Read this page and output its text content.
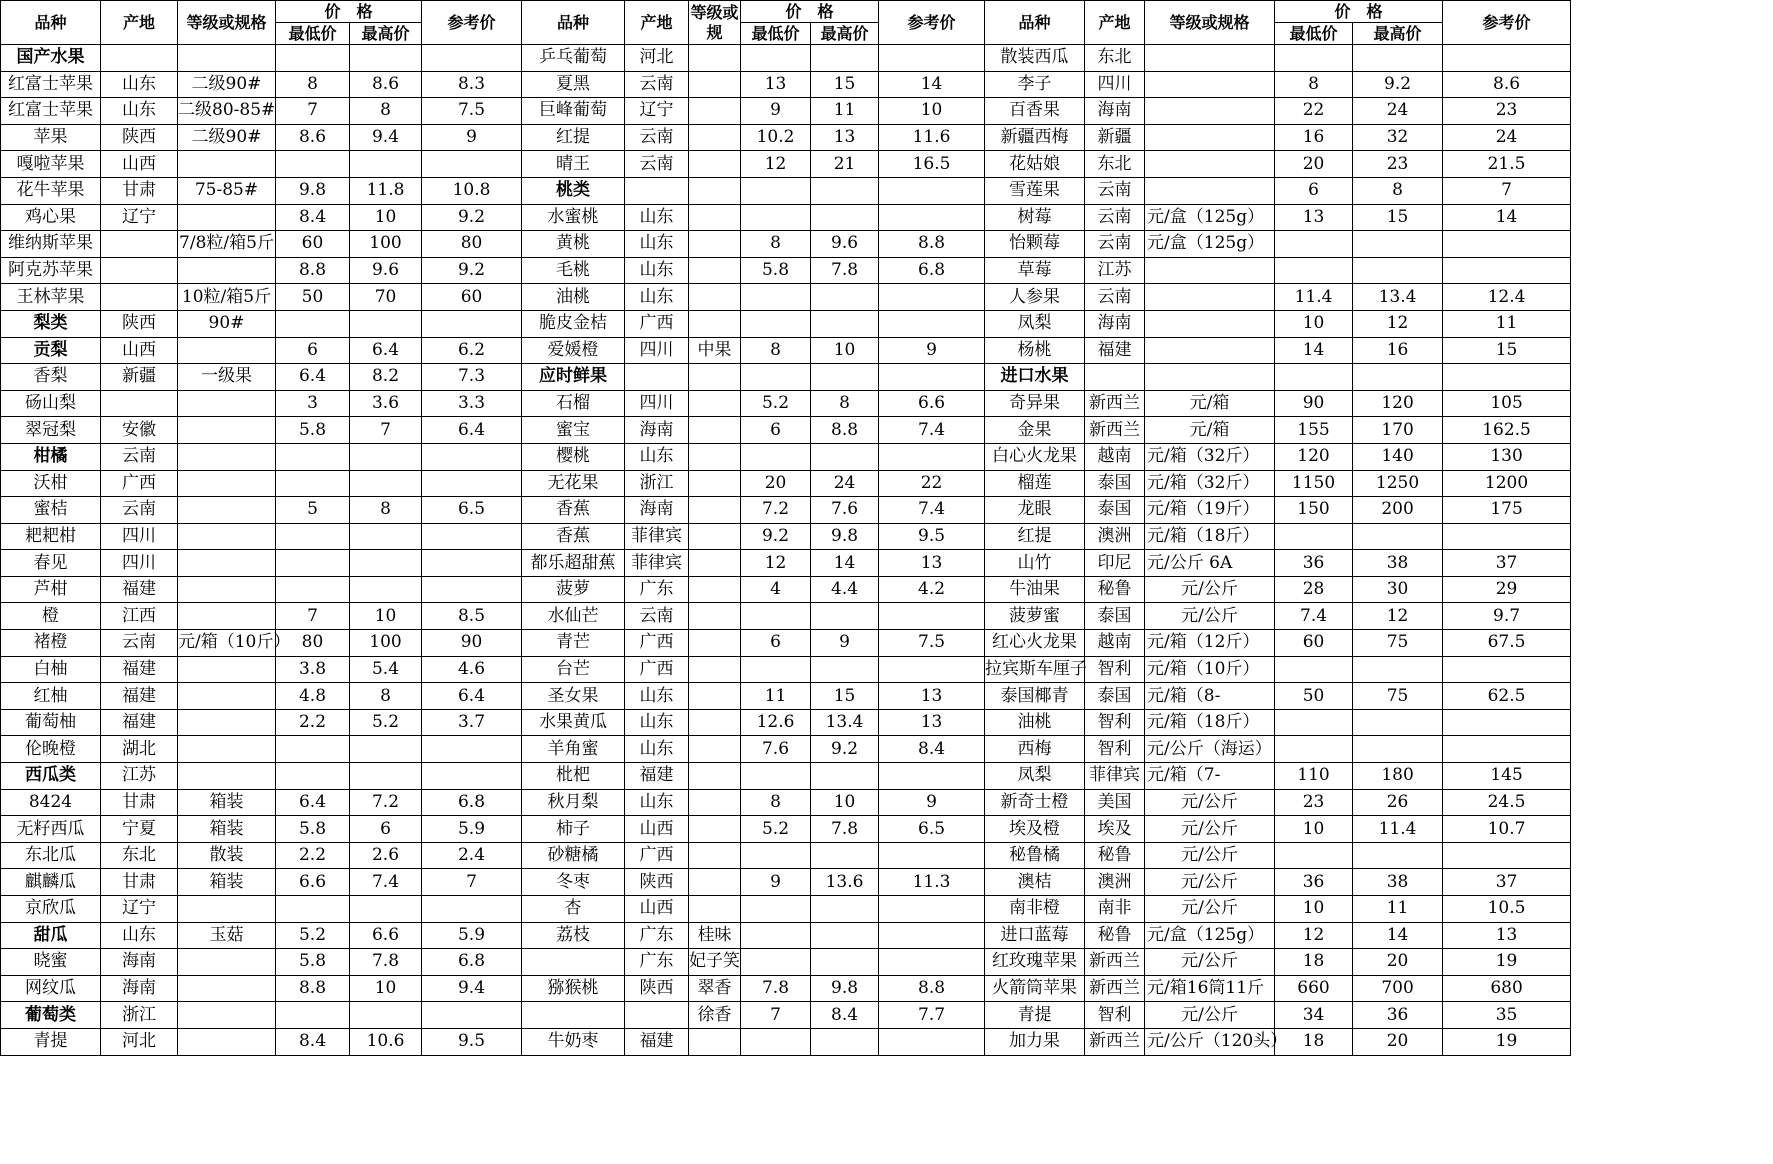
品种	产地	等级或规格	价　格		参考价	品种	产地	等级或规	价　格		参考价	品种	产地	等级或规格	价　格		参考价
			最低价	最高价					最低价	最高价					最低价	最高价	
国产水果						乒乓葡萄	河北					散装西瓜	东北				
红富士苹果	山东	二级90#	8	8.6	8.3	夏黑	云南		13	15	14	李子	四川		8	9.2	8.6
红富士苹果	山东	二级80-85#	7	8	7.5	巨峰葡萄	辽宁		9	11	10	百香果	海南		22	24	23
苹果	陕西	二级90#	8.6	9.4	9	红提	云南		10.2	13	11.6	新疆西梅	新疆		16	32	24
嘎啦苹果	山西					晴王	云南		12	21	16.5	花姑娘	东北		20	23	21.5
花牛苹果	甘肃	75-85#	9.8	11.8	10.8	桃类						雪莲果	云南		6	8	7
鸡心果	辽宁		8.4	10	9.2	水蜜桃	山东					树莓	云南	元/盒（125g）	13	15	14
维纳斯苹果		7/8粒/箱5斤	60	100	80	黄桃	山东		8	9.6	8.8	怡颗莓	云南	元/盒（125g）			
阿克苏苹果			8.8	9.6	9.2	毛桃	山东		5.8	7.8	6.8	草莓	江苏				
王林苹果		10粒/箱5斤	50	70	60	油桃	山东					人参果	云南		11.4	13.4	12.4
梨类	陕西	90#				脆皮金桔	广西					凤梨	海南		10	12	11
贡梨	山西		6	6.4	6.2	爱媛橙	四川	中果	8	10	9	杨桃	福建		14	16	15
香梨	新疆	一级果	6.4	8.2	7.3	应时鲜果						进口水果					
砀山梨			3	3.6	3.3	石榴	四川		5.2	8	6.6	奇异果	新西兰	元/箱	90	120	105
翠冠梨	安徽		5.8	7	6.4	蜜宝	海南		6	8.8	7.4	金果	新西兰	元/箱	155	170	162.5
柑橘	云南					樱桃	山东					白心火龙果	越南	元/箱（32斤）	120	140	130
沃柑	广西					无花果	浙江		20	24	22	榴莲	泰国	元/箱（32斤）	1150	1250	1200
蜜桔	云南		5	8	6.5	香蕉	海南		7.2	7.6	7.4	龙眼	泰国	元/箱（19斤）	150	200	175
耙耙柑	四川					香蕉	菲律宾		9.2	9.8	9.5	红提	澳洲	元/箱（18斤）			
春见	四川					都乐超甜蕉	菲律宾		12	14	13	山竹	印尼	元/公斤 6A	36	38	37
芦柑	福建					菠萝	广东		4	4.4	4.2	牛油果	秘鲁	元/公斤	28	30	29
橙	江西		7	10	8.5	水仙芒	云南					菠萝蜜	泰国	元/公斤	7.4	12	9.7
褚橙	云南	元/箱（10斤）	80	100	90	青芒	广西		6	9	7.5	红心火龙果	越南	元/箱（12斤）	60	75	67.5
白柚	福建		3.8	5.4	4.6	台芒	广西					拉宾斯车厘子	智利	元/箱（10斤）			
红柚	福建		4.8	8	6.4	圣女果	山东		11	15	13	泰国椰青	泰国	元/箱（8-	50	75	62.5
葡萄柚	福建		2.2	5.2	3.7	水果黄瓜	山东		12.6	13.4	13	油桃	智利	元/箱（18斤）			
伦晚橙	湖北					羊角蜜	山东		7.6	9.2	8.4	西梅	智利	元/公斤（海运）			
西瓜类	江苏					枇杷	福建					凤梨	菲律宾	元/箱（7-	110	180	145
8424	甘肃	箱装	6.4	7.2	6.8	秋月梨	山东		8	10	9	新奇士橙	美国	元/公斤	23	26	24.5
无籽西瓜	宁夏	箱装	5.8	6	5.9	柿子	山西		5.2	7.8	6.5	埃及橙	埃及	元/公斤	10	11.4	10.7
东北瓜	东北	散装	2.2	2.6	2.4	砂糖橘	广西					秘鲁橘	秘鲁	元/公斤			
麒麟瓜	甘肃	箱装	6.6	7.4	7	冬枣	陕西		9	13.6	11.3	澳桔	澳洲	元/公斤	36	38	37
京欣瓜	辽宁					杏	山西					南非橙	南非	元/公斤	10	11	10.5
甜瓜	山东	玉菇	5.2	6.6	5.9	荔枝	广东	桂味				进口蓝莓	秘鲁	元/盒（125g）	12	14	13
晓蜜	海南		5.8	7.8	6.8		广东	妃子笑				红玫瑰苹果	新西兰	元/公斤	18	20	19
网纹瓜	海南		8.8	10	9.4	猕猴桃	陕西	翠香	7.8	9.8	8.8	火箭筒苹果	新西兰	元/箱16筒11斤	660	700	680
葡萄类	浙江							徐香	7	8.4	7.7	青提	智利	元/公斤	34	36	35
青提	河北		8.4	10.6	9.5	牛奶枣	福建					加力果	新西兰	元/公斤（120头）	18	20	19
